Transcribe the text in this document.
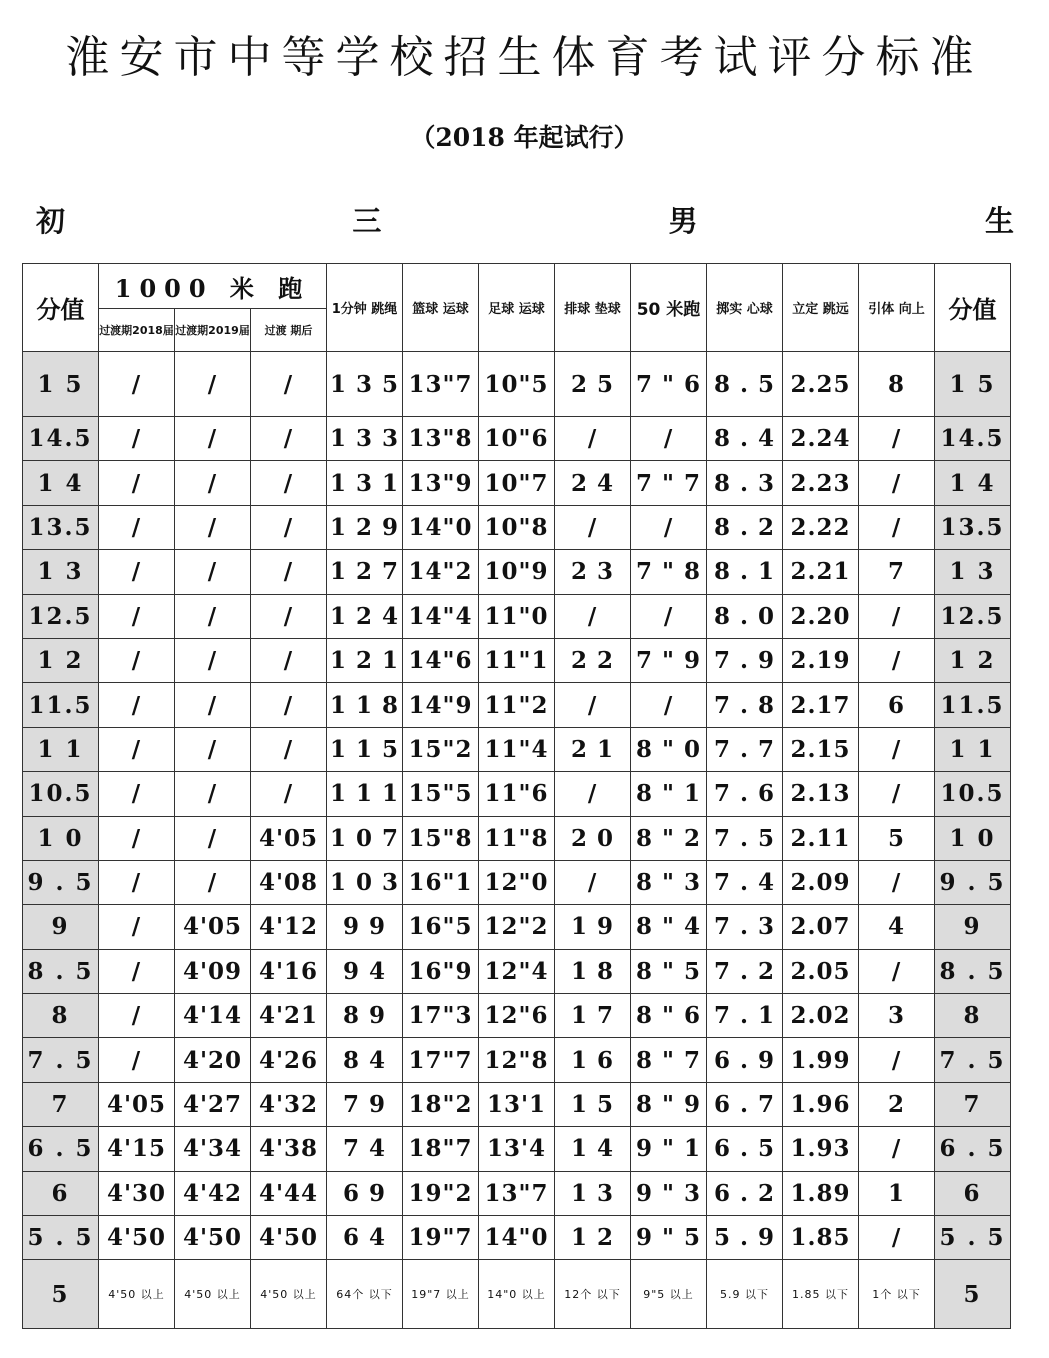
淮安市中等学校招生体育考试评分标准
（2018 年起试行）
初	三	男	生
分值	1000 米 跑			1分钟 跳绳	篮球 运球	足球 运球	排球 垫球	50 米跑	掷实 心球	立定 跳远	引体 向上	分值
	过渡期2018届	过渡期2019届	过渡 期后									
1 5	/	/	/	1 3 5	13"7	10"5	2 5	7 " 6	8 . 5	2.25	8	1 5
14.5	/	/	/	1 3 3	13"8	10"6	/	/	8 . 4	2.24	/	14.5
1 4	/	/	/	1 3 1	13"9	10"7	2 4	7 " 7	8 . 3	2.23	/	1 4
13.5	/	/	/	1 2 9	14"0	10"8	/	/	8 . 2	2.22	/	13.5
1 3	/	/	/	1 2 7	14"2	10"9	2 3	7 " 8	8 . 1	2.21	7	1 3
12.5	/	/	/	1 2 4	14"4	11"0	/	/	8 . 0	2.20	/	12.5
1 2	/	/	/	1 2 1	14"6	11"1	2 2	7 " 9	7 . 9	2.19	/	1 2
11.5	/	/	/	1 1 8	14"9	11"2	/	/	7 . 8	2.17	6	11.5
1 1	/	/	/	1 1 5	15"2	11"4	2 1	8 " 0	7 . 7	2.15	/	1 1
10.5	/	/	/	1 1 1	15"5	11"6	/	8 " 1	7 . 6	2.13	/	10.5
1 0	/	/	4'05	1 0 7	15"8	11"8	2 0	8 " 2	7 . 5	2.11	5	1 0
9 . 5	/	/	4'08	1 0 3	16"1	12"0	/	8 " 3	7 . 4	2.09	/	9 . 5
9	/	4'05	4'12	9 9	16"5	12"2	1 9	8 " 4	7 . 3	2.07	4	9
8 . 5	/	4'09	4'16	9 4	16"9	12"4	1 8	8 " 5	7 . 2	2.05	/	8 . 5
8	/	4'14	4'21	8 9	17"3	12"6	1 7	8 " 6	7 . 1	2.02	3	8
7 . 5	/	4'20	4'26	8 4	17"7	12"8	1 6	8 " 7	6 . 9	1.99	/	7 . 5
7	4'05	4'27	4'32	7 9	18"2	13'1	1 5	8 " 9	6 . 7	1.96	2	7
6 . 5	4'15	4'34	4'38	7 4	18"7	13'4	1 4	9 " 1	6 . 5	1.93	/	6 . 5
6	4'30	4'42	4'44	6 9	19"2	13"7	1 3	9 " 3	6 . 2	1.89	1	6
5 . 5	4'50	4'50	4'50	6 4	19"7	14"0	1 2	9 " 5	5 . 9	1.85	/	5 . 5
5	4'50 以上	4'50 以上	4'50 以上	64个 以下	19"7 以上	14"0 以上	12个 以下	9"5 以上	5.9 以下	1.85 以下	1个 以下	5
